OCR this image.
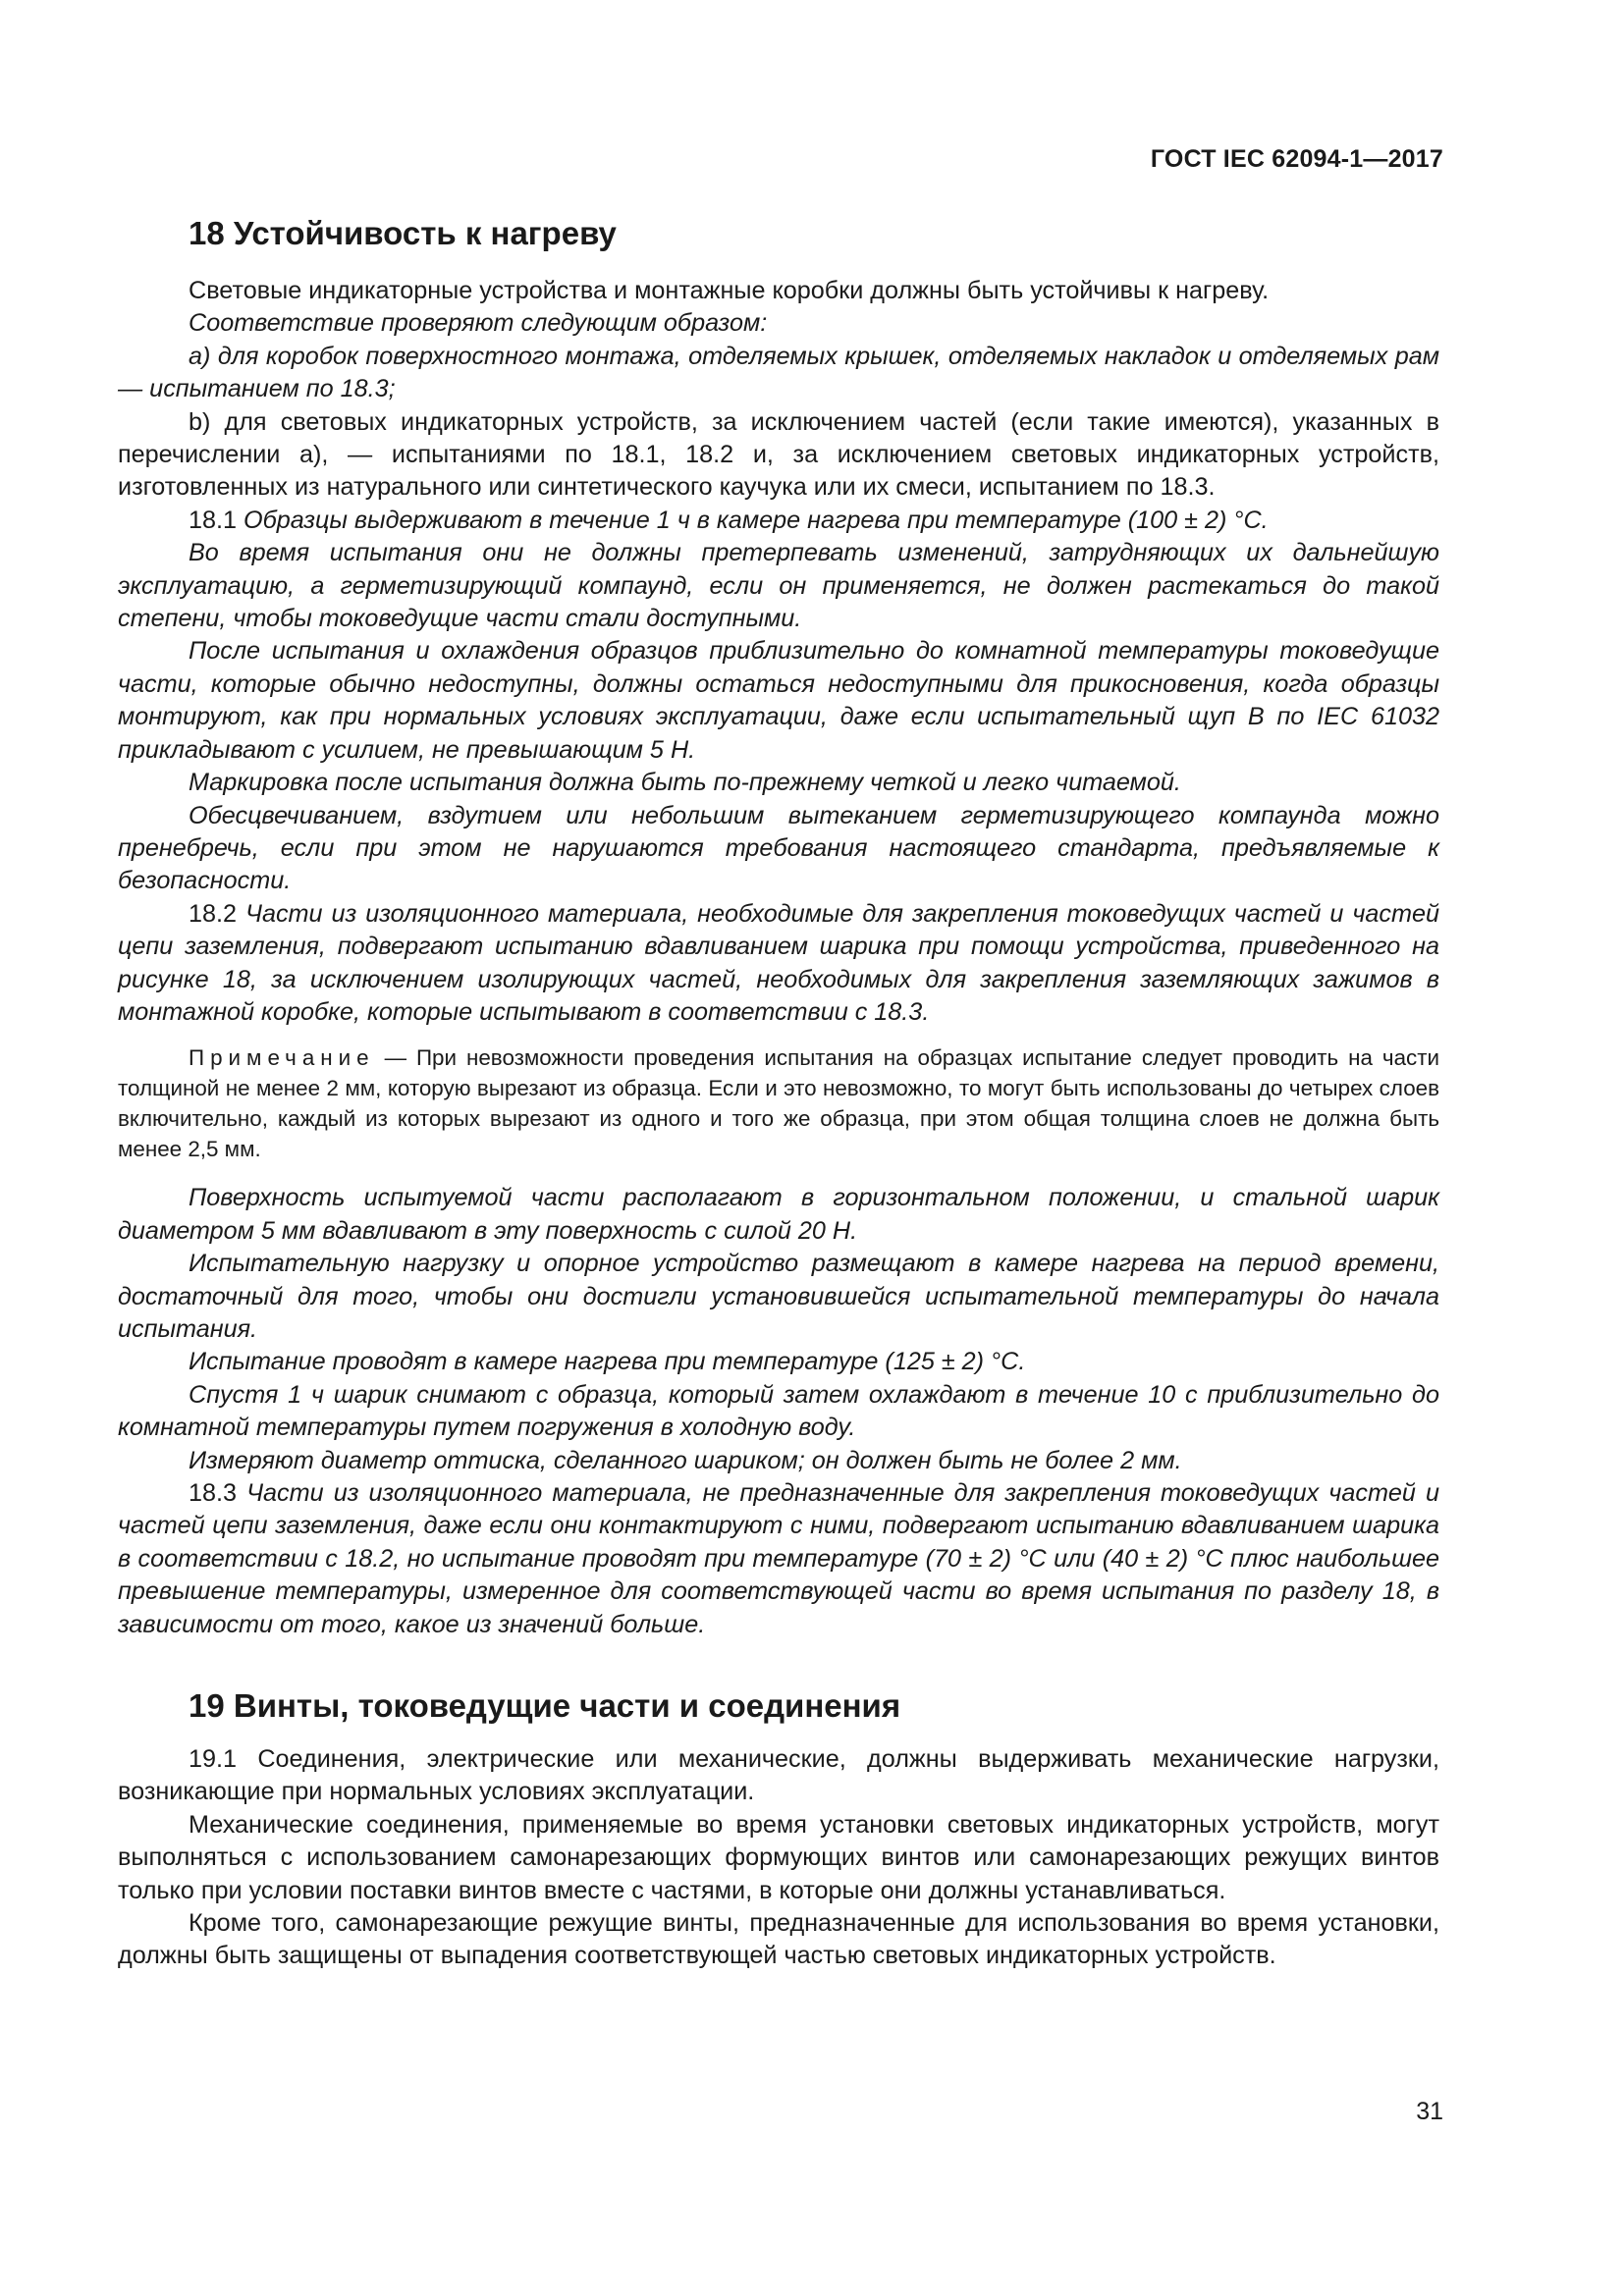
ГОСТ IEC 62094-1—2017
18 Устойчивость к нагреву

Световые индикаторные устройства и монтажные коробки должны быть устойчивы к нагреву.

Соответствие проверяют следующим образом:

а) для коробок поверхностного монтажа, отделяемых крышек, отделяемых накладок и отделяемых рам — испытанием по 18.3;

b) для световых индикаторных устройств, за исключением частей (если такие имеются), указанных в перечислении а), — испытаниями по 18.1, 18.2 и, за исключением световых индикаторных устройств, изготовленных из натурального или синтетического каучука или их смеси, испытанием по 18.3.

18.1 Образцы выдерживают в течение 1 ч в камере нагрева при температуре (100 ± 2) °С.

Во время испытания они не должны претерпевать изменений, затрудняющих их дальнейшую эксплуатацию, а герметизирующий компаунд, если он применяется, не должен растекаться до такой степени, чтобы токоведущие части стали доступными.

После испытания и охлаждения образцов приблизительно до комнатной температуры токоведущие части, которые обычно недоступны, должны остаться недоступными для прикосновения, когда образцы монтируют, как при нормальных условиях эксплуатации, даже если испытательный щуп В по IEC 61032 прикладывают с усилием, не превышающим 5 Н.

Маркировка после испытания должна быть по-прежнему четкой и легко читаемой.

Обесцвечиванием, вздутием или небольшим вытеканием герметизирующего компаунда можно пренебречь, если при этом не нарушаются требования настоящего стандарта, предъявляемые к безопасности.

18.2 Части из изоляционного материала, необходимые для закрепления токоведущих частей и частей цепи заземления, подвергают испытанию вдавливанием шарика при помощи устройства, приведенного на рисунке 18, за исключением изолирующих частей, необходимых для закрепления заземляющих зажимов в монтажной коробке, которые испытывают в соответствии с 18.3.

Примечание — При невозможности проведения испытания на образцах испытание следует проводить на части толщиной не менее 2 мм, которую вырезают из образца. Если и это невозможно, то могут быть использованы до четырех слоев включительно, каждый из которых вырезают из одного и того же образца, при этом общая толщина слоев не должна быть менее 2,5 мм.

Поверхность испытуемой части располагают в горизонтальном положении, и стальной шарик диаметром 5 мм вдавливают в эту поверхность с силой 20 Н.

Испытательную нагрузку и опорное устройство размещают в камере нагрева на период времени, достаточный для того, чтобы они достигли установившейся испытательной температуры до начала испытания.

Испытание проводят в камере нагрева при температуре (125 ± 2) °С.

Спустя 1 ч шарик снимают с образца, который затем охлаждают в течение 10 с приблизительно до комнатной температуры путем погружения в холодную воду.

Измеряют диаметр оттиска, сделанного шариком; он должен быть не более 2 мм.

18.3 Части из изоляционного материала, не предназначенные для закрепления токоведущих частей и частей цепи заземления, даже если они контактируют с ними, подвергают испытанию вдавливанием шарика в соответствии с 18.2, но испытание проводят при температуре (70 ± 2) °С или (40 ± 2) °С плюс наибольшее превышение температуры, измеренное для соответствующей части во время испытания по разделу 18, в зависимости от того, какое из значений больше.

19 Винты, токоведущие части и соединения

19.1 Соединения, электрические или механические, должны выдерживать механические нагрузки, возникающие при нормальных условиях эксплуатации.

Механические соединения, применяемые во время установки световых индикаторных устройств, могут выполняться с использованием самонарезающих формующих винтов или самонарезающих режущих винтов только при условии поставки винтов вместе с частями, в которые они должны устанавливаться.

Кроме того, самонарезающие режущие винты, предназначенные для использования во время установки, должны быть защищены от выпадения соответствующей частью световых индикаторных устройств.

31
